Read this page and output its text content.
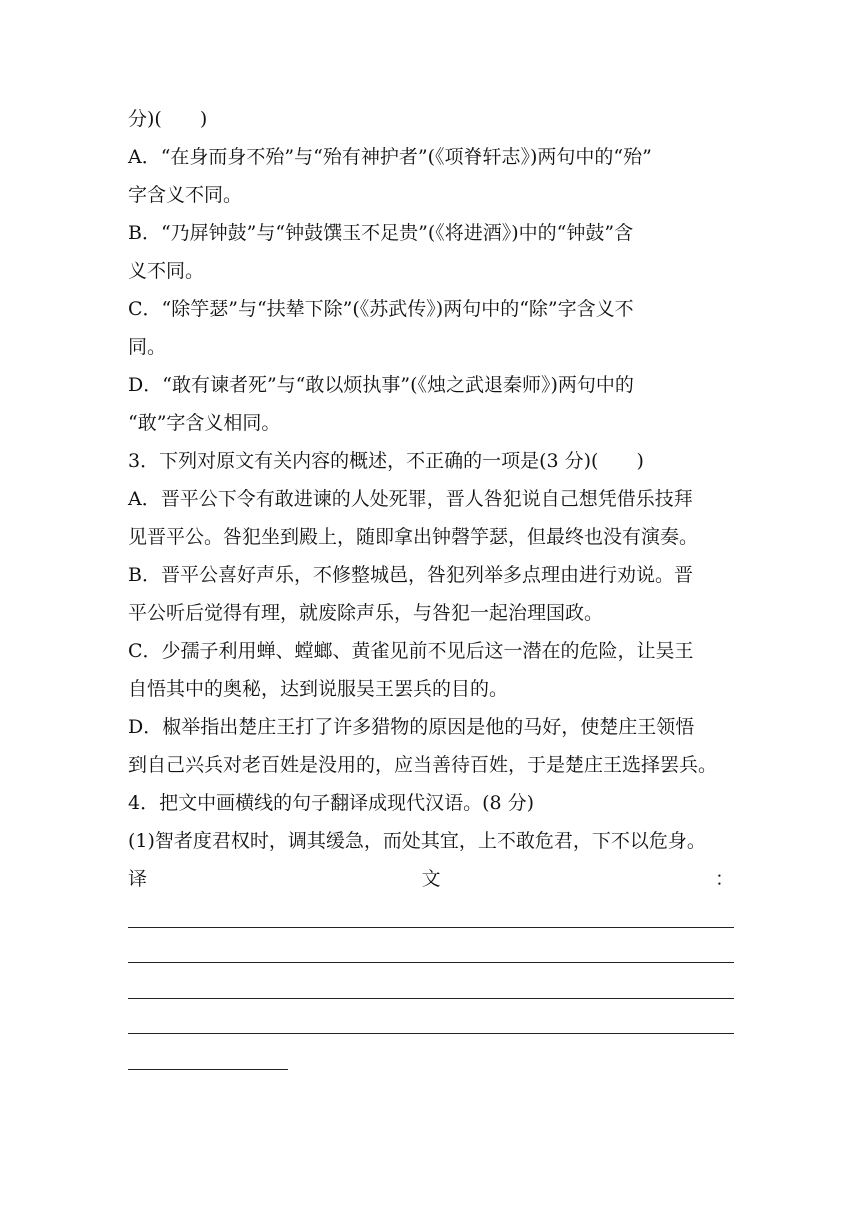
分)(　　)
A．“在身而身不殆”与“殆有神护者”(《项脊轩志》)两句中的“殆”
字含义不同。
B．“乃屏钟鼓”与“钟鼓馔玉不足贵”(《将进酒》)中的“钟鼓”含
义不同。
C．“除竽瑟”与“扶辇下除”(《苏武传》)两句中的“除”字含义不
同。
D．“敢有谏者死”与“敢以烦执事”(《烛之武退秦师》)两句中的
“敢”字含义相同。
3．下列对原文有关内容的概述，不正确的一项是(3 分)(　　)
A．晋平公下令有敢进谏的人处死罪，晋人咎犯说自己想凭借乐技拜
见晋平公。咎犯坐到殿上，随即拿出钟磬竽瑟，但最终也没有演奏。
B．晋平公喜好声乐，不修整城邑，咎犯列举多点理由进行劝说。晋
平公听后觉得有理，就废除声乐，与咎犯一起治理国政。
C．少孺子利用蝉、螳螂、黄雀见前不见后这一潜在的危险，让吴王
自悟其中的奥秘，达到说服吴王罢兵的目的。
D．椒举指出楚庄王打了许多猎物的原因是他的马好，使楚庄王领悟
到自己兴兵对老百姓是没用的，应当善待百姓，于是楚庄王选择罢兵。
4．把文中画横线的句子翻译成现代汉语。(8 分)
(1)智者度君权时，调其缓急，而处其宜，上不敢危君，下不以危身。
译	文	：
